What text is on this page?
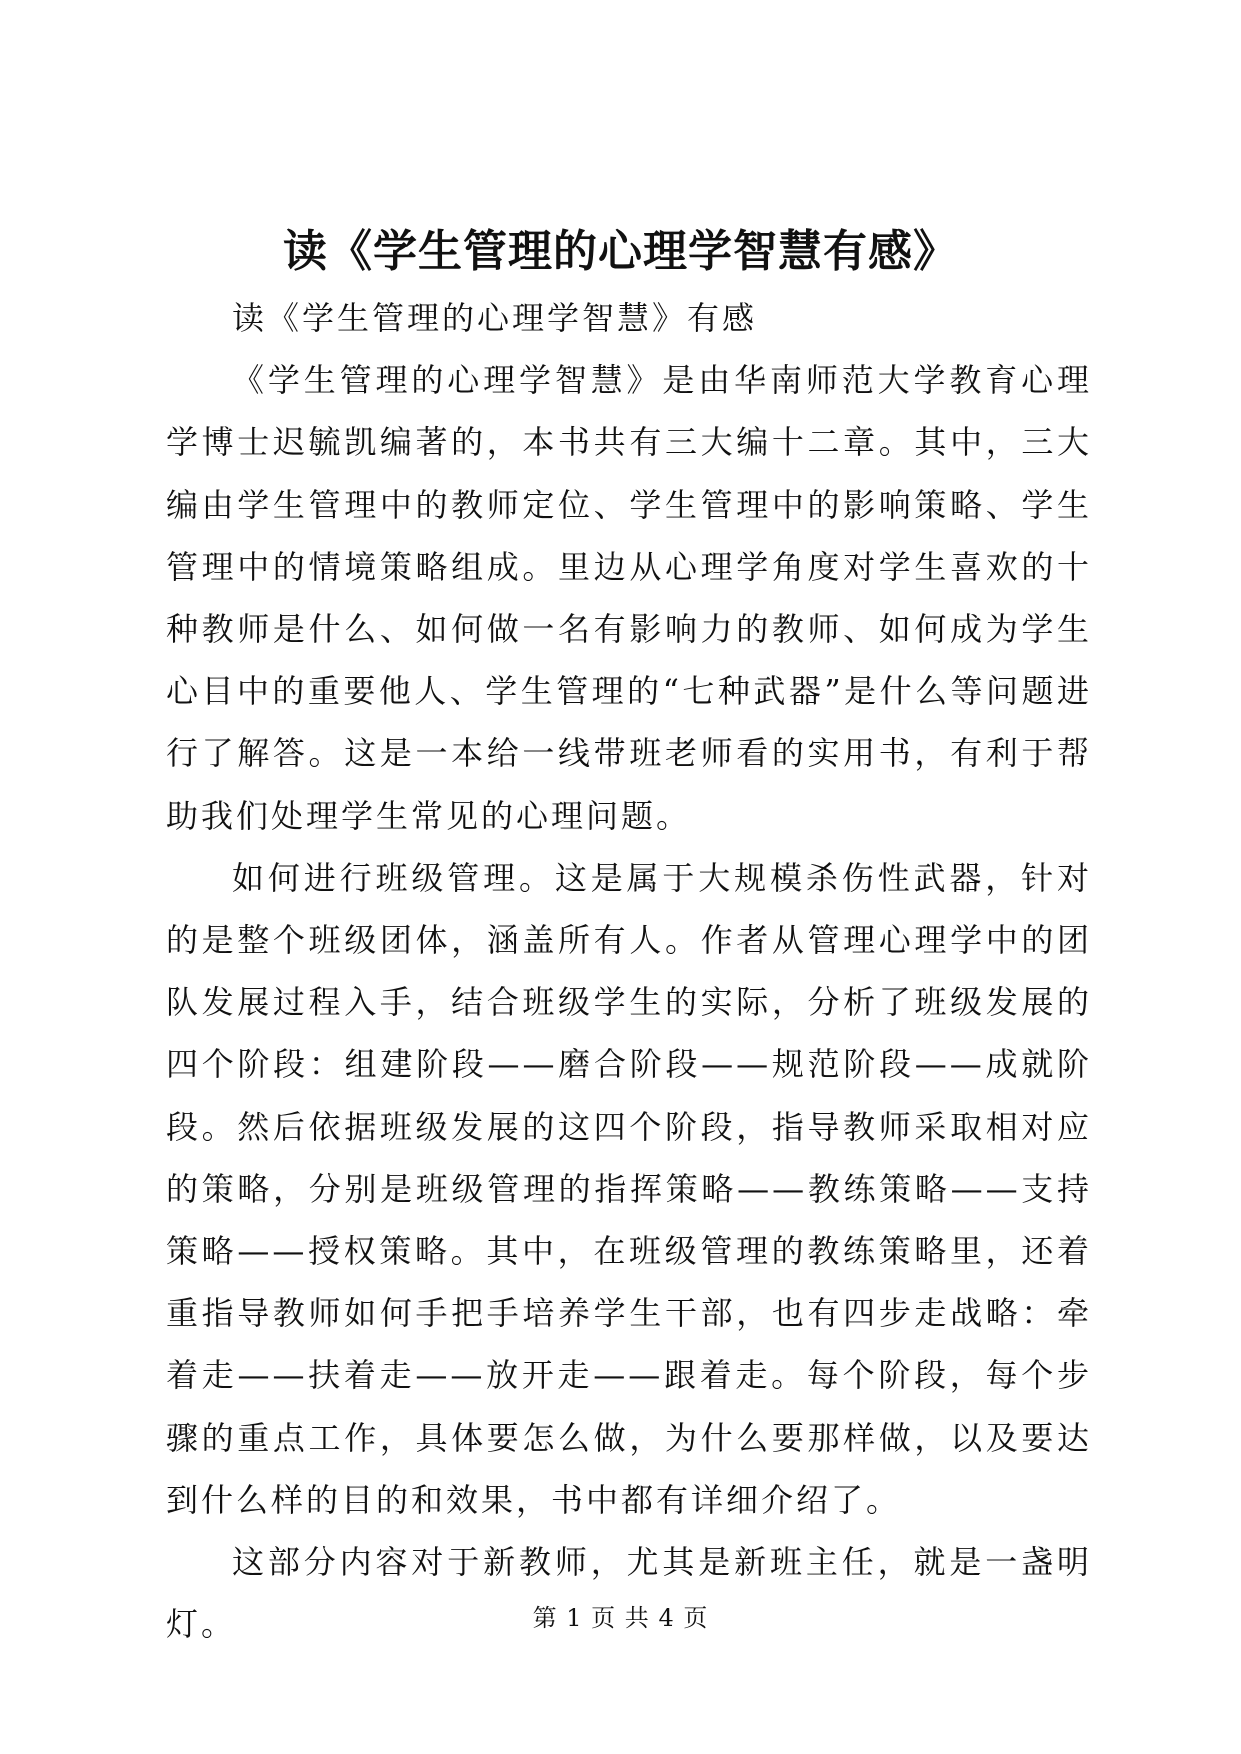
读《学生管理的心理学智慧有感》

读《学生管理的心理学智慧》有感

《学生管理的心理学智慧》是由华南师范大学教育心理学博士迟毓凯编著的，本书共有三大编十二章。其中，三大编由学生管理中的教师定位、学生管理中的影响策略、学生管理中的情境策略组成。里边从心理学角度对学生喜欢的十种教师是什么、如何做一名有影响力的教师、如何成为学生心目中的重要他人、学生管理的“七种武器”是什么等问题进行了解答。这是一本给一线带班老师看的实用书，有利于帮助我们处理学生常见的心理问题。

如何进行班级管理。这是属于大规模杀伤性武器，针对的是整个班级团体，涵盖所有人。作者从管理心理学中的团队发展过程入手，结合班级学生的实际，分析了班级发展的四个阶段：组建阶段——磨合阶段——规范阶段——成就阶段。然后依据班级发展的这四个阶段，指导教师采取相对应的策略，分别是班级管理的指挥策略——教练策略——支持策略——授权策略。其中，在班级管理的教练策略里，还着重指导教师如何手把手培养学生干部，也有四步走战略：牵着走——扶着走——放开走——跟着走。每个阶段，每个步骤的重点工作，具体要怎么做，为什么要那样做，以及要达到什么样的目的和效果，书中都有详细介绍了。

这部分内容对于新教师，尤其是新班主任，就是一盏明灯。	第 1 页 共 4 页
